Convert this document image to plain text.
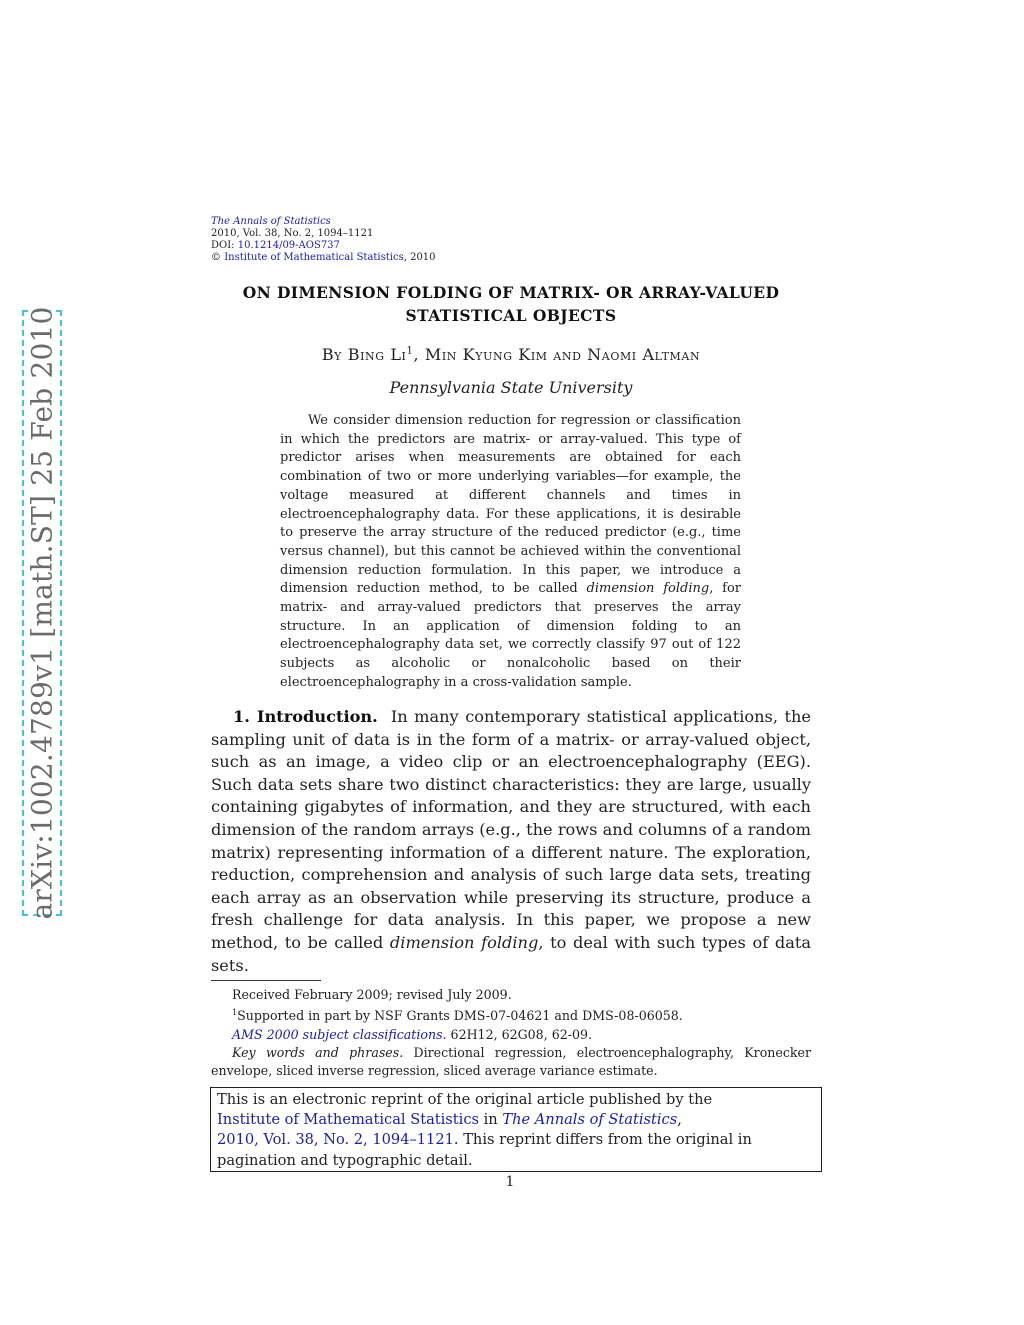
arXiv:1002.4789v1 [math.ST] 25 Feb 2010
The Annals of Statistics
2010, Vol. 38, No. 2, 1094–1121
DOI: 10.1214/09-AOS737
© Institute of Mathematical Statistics, 2010
ON DIMENSION FOLDING OF MATRIX- OR ARRAY-VALUED
STATISTICAL OBJECTS
By Bing Li$^1$, Min Kyung Kim and Naomi Altman
Pennsylvania State University

We consider dimension reduction for regression or classification in which the predictors are matrix- or array-valued. This type of predictor arises when measurements are obtained for each combination of two or more underlying variables—for example, the voltage measured at different channels and times in electroencephalography data. For these applications, it is desirable to preserve the array structure of the reduced predictor (e.g., time versus channel), but this cannot be achieved within the conventional dimension reduction formulation. In this paper, we introduce a dimension reduction method, to be called dimension folding, for matrix- and array-valued predictors that preserves the array structure. In an application of dimension folding to an electroencephalography data set, we correctly classify 97 out of 122 subjects as alcoholic or nonalcoholic based on their electroencephalography in a cross-validation sample.

1. Introduction. In many contemporary statistical applications, the sampling unit of data is in the form of a matrix- or array-valued object, such as an image, a video clip or an electroencephalography (EEG). Such data sets share two distinct characteristics: they are large, usually containing gigabytes of information, and they are structured, with each dimension of the random arrays (e.g., the rows and columns of a random matrix) representing information of a different nature. The exploration, reduction, comprehension and analysis of such large data sets, treating each array as an observation while preserving its structure, produce a fresh challenge for data analysis. In this paper, we propose a new method, to be called dimension folding, to deal with such types of data sets.

Received February 2009; revised July 2009.

$^1$Supported in part by NSF Grants DMS-07-04621 and DMS-08-06058.

AMS 2000 subject classifications. 62H12, 62G08, 62-09.

Key words and phrases. Directional regression, electroencephalography, Kronecker envelope, sliced inverse regression, sliced average variance estimate.

This is an electronic reprint of the original article published by the
Institute of Mathematical Statistics in The Annals of Statistics,
2010, Vol. 38, No. 2, 1094–1121. This reprint differs from the original in
pagination and typographic detail.
1
